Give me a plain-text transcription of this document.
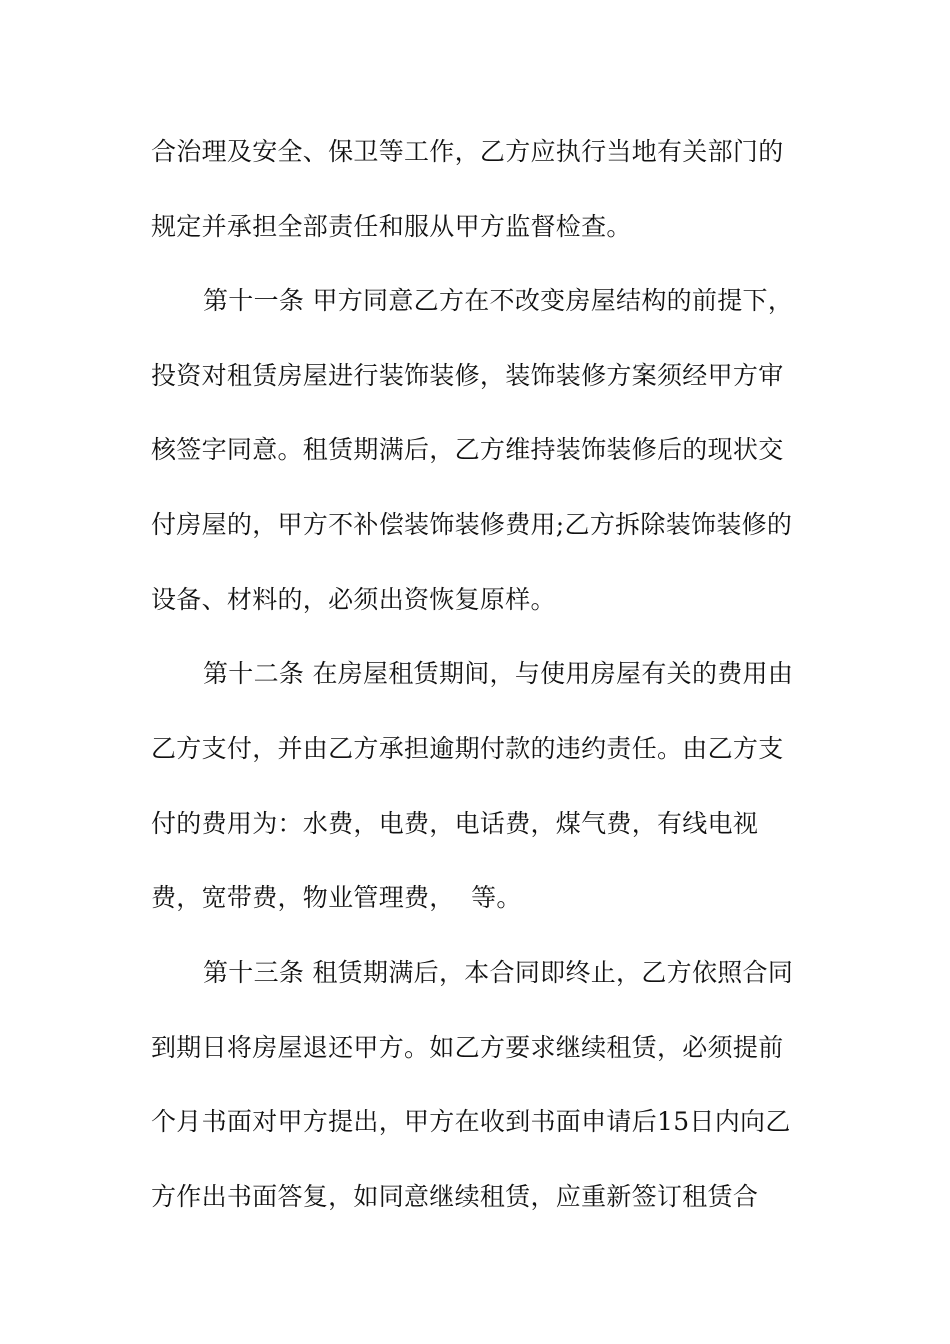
合治理及安全、保卫等工作，乙方应执行当地有关部门的
规定并承担全部责任和服从甲方监督检查。
第十一条 甲方同意乙方在不改变房屋结构的前提下，
投资对租赁房屋进行装饰装修，装饰装修方案须经甲方审
核签字同意。租赁期满后，乙方维持装饰装修后的现状交
付房屋的，甲方不补偿装饰装修费用;乙方拆除装饰装修的
设备、材料的，必须出资恢复原样。
第十二条 在房屋租赁期间，与使用房屋有关的费用由
乙方支付，并由乙方承担逾期付款的违约责任。由乙方支
付的费用为：水费，电费，电话费，煤气费，有线电视
费，宽带费，物业管理费，  等。
第十三条 租赁期满后，本合同即终止，乙方依照合同
到期日将房屋退还甲方。如乙方要求继续租赁，必须提前
个月书面对甲方提出，甲方在收到书面申请后15日内向乙
方作出书面答复，如同意继续租赁，应重新签订租赁合
